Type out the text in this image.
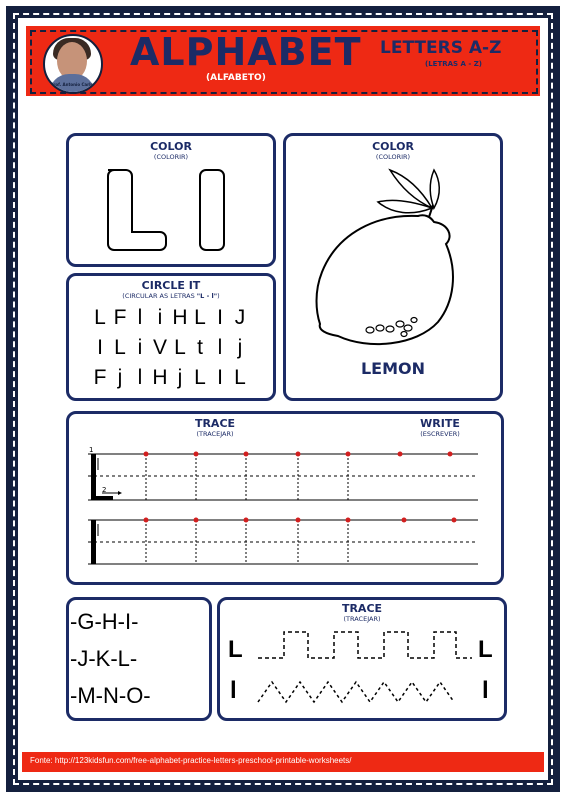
Prof. Antonio Carlos
ALPHABET
(ALFABETO)
LETTERS A-Z
(LETRAS A - Z)
COLOR
(COLORIR)
COLOR
(COLORIR)
LEMON
CIRCLE IT
(CIRCULAR AS LETRAS "L - l")
L F l i H L I J
I L i V L t l j
F j l H j L I L
TRACE
(TRACEJAR)
WRITE
(ESCREVER)
1
2
-G-H-I-
-J-K-L-
-M-N-O-
TRACE
(TRACEJAR)
L	L
l	l
Fonte: http://123kidsfun.com/free-alphabet-practice-letters-preschool-printable-worksheets/
